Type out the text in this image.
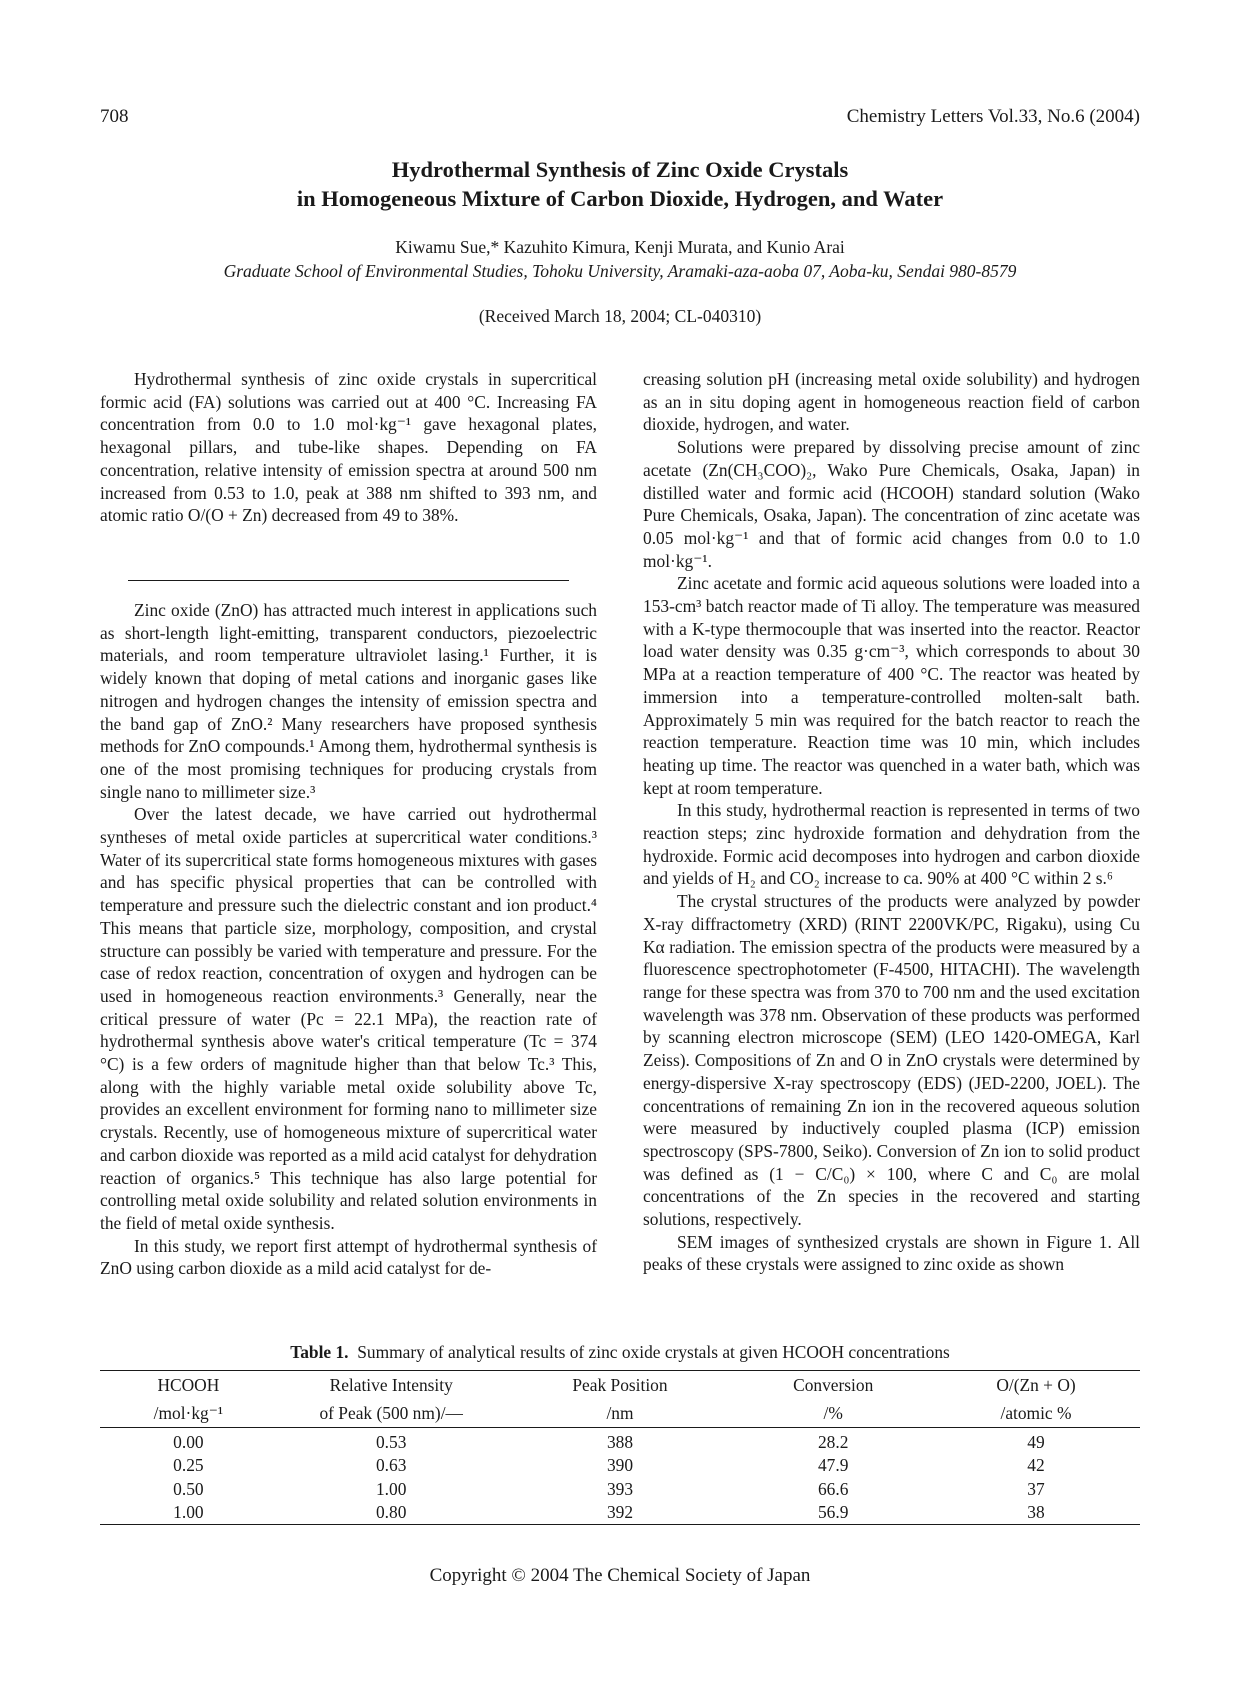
708	Chemistry Letters Vol.33, No.6 (2004)
Hydrothermal Synthesis of Zinc Oxide Crystals
in Homogeneous Mixture of Carbon Dioxide, Hydrogen, and Water
Kiwamu Sue,* Kazuhito Kimura, Kenji Murata, and Kunio Arai
Graduate School of Environmental Studies, Tohoku University, Aramaki-aza-aoba 07, Aoba-ku, Sendai 980-8579
(Received March 18, 2004; CL-040310)

Hydrothermal synthesis of zinc oxide crystals in supercritical formic acid (FA) solutions was carried out at 400 °C. Increasing FA concentration from 0.0 to 1.0 mol·kg⁻¹ gave hexagonal plates, hexagonal pillars, and tube-like shapes. Depending on FA concentration, relative intensity of emission spectra at around 500 nm increased from 0.53 to 1.0, peak at 388 nm shifted to 393 nm, and atomic ratio O/(O + Zn) decreased from 49 to 38%.

Zinc oxide (ZnO) has attracted much interest in applications such as short-length light-emitting, transparent conductors, piezoelectric materials, and room temperature ultraviolet lasing.¹ Further, it is widely known that doping of metal cations and inorganic gases like nitrogen and hydrogen changes the intensity of emission spectra and the band gap of ZnO.² Many researchers have proposed synthesis methods for ZnO compounds.¹ Among them, hydrothermal synthesis is one of the most promising techniques for producing crystals from single nano to millimeter size.³

Over the latest decade, we have carried out hydrothermal syntheses of metal oxide particles at supercritical water conditions.³ Water of its supercritical state forms homogeneous mixtures with gases and has specific physical properties that can be controlled with temperature and pressure such the dielectric constant and ion product.⁴ This means that particle size, morphology, composition, and crystal structure can possibly be varied with temperature and pressure. For the case of redox reaction, concentration of oxygen and hydrogen can be used in homogeneous reaction environments.³ Generally, near the critical pressure of water (Pc = 22.1 MPa), the reaction rate of hydrothermal synthesis above water's critical temperature (Tc = 374 °C) is a few orders of magnitude higher than that below Tc.³ This, along with the highly variable metal oxide solubility above Tc, provides an excellent environment for forming nano to millimeter size crystals. Recently, use of homogeneous mixture of supercritical water and carbon dioxide was reported as a mild acid catalyst for dehydration reaction of organics.⁵ This technique has also large potential for controlling metal oxide solubility and related solution environments in the field of metal oxide synthesis.

In this study, we report first attempt of hydrothermal synthesis of ZnO using carbon dioxide as a mild acid catalyst for de-

creasing solution pH (increasing metal oxide solubility) and hydrogen as an in situ doping agent in homogeneous reaction field of carbon dioxide, hydrogen, and water.

Solutions were prepared by dissolving precise amount of zinc acetate (Zn(CH₃COO)₂, Wako Pure Chemicals, Osaka, Japan) in distilled water and formic acid (HCOOH) standard solution (Wako Pure Chemicals, Osaka, Japan). The concentration of zinc acetate was 0.05 mol·kg⁻¹ and that of formic acid changes from 0.0 to 1.0 mol·kg⁻¹.

Zinc acetate and formic acid aqueous solutions were loaded into a 153-cm³ batch reactor made of Ti alloy. The temperature was measured with a K-type thermocouple that was inserted into the reactor. Reactor load water density was 0.35 g·cm⁻³, which corresponds to about 30 MPa at a reaction temperature of 400 °C. The reactor was heated by immersion into a temperature-controlled molten-salt bath. Approximately 5 min was required for the batch reactor to reach the reaction temperature. Reaction time was 10 min, which includes heating up time. The reactor was quenched in a water bath, which was kept at room temperature.

In this study, hydrothermal reaction is represented in terms of two reaction steps; zinc hydroxide formation and dehydration from the hydroxide. Formic acid decomposes into hydrogen and carbon dioxide and yields of H₂ and CO₂ increase to ca. 90% at 400 °C within 2 s.⁶

The crystal structures of the products were analyzed by powder X-ray diffractometry (XRD) (RINT 2200VK/PC, Rigaku), using Cu Kα radiation. The emission spectra of the products were measured by a fluorescence spectrophotometer (F-4500, HITACHI). The wavelength range for these spectra was from 370 to 700 nm and the used excitation wavelength was 378 nm. Observation of these products was performed by scanning electron microscope (SEM) (LEO 1420-OMEGA, Karl Zeiss). Compositions of Zn and O in ZnO crystals were determined by energy-dispersive X-ray spectroscopy (EDS) (JED-2200, JOEL). The concentrations of remaining Zn ion in the recovered aqueous solution were measured by inductively coupled plasma (ICP) emission spectroscopy (SPS-7800, Seiko). Conversion of Zn ion to solid product was defined as (1 − C/C₀) × 100, where C and C₀ are molal concentrations of the Zn species in the recovered and starting solutions, respectively.

SEM images of synthesized crystals are shown in Figure 1. All peaks of these crystals were assigned to zinc oxide as shown

Table 1. Summary of analytical results of zinc oxide crystals at given HCOOH concentrations
HCOOH	Relative Intensity	Peak Position	Conversion	O/(Zn + O)
/mol·kg⁻¹	of Peak (500 nm)/—	/nm	/%	/atomic %
0.00	0.53	388	28.2	49
0.25	0.63	390	47.9	42
0.50	1.00	393	66.6	37
1.00	0.80	392	56.9	38
Copyright © 2004 The Chemical Society of Japan
